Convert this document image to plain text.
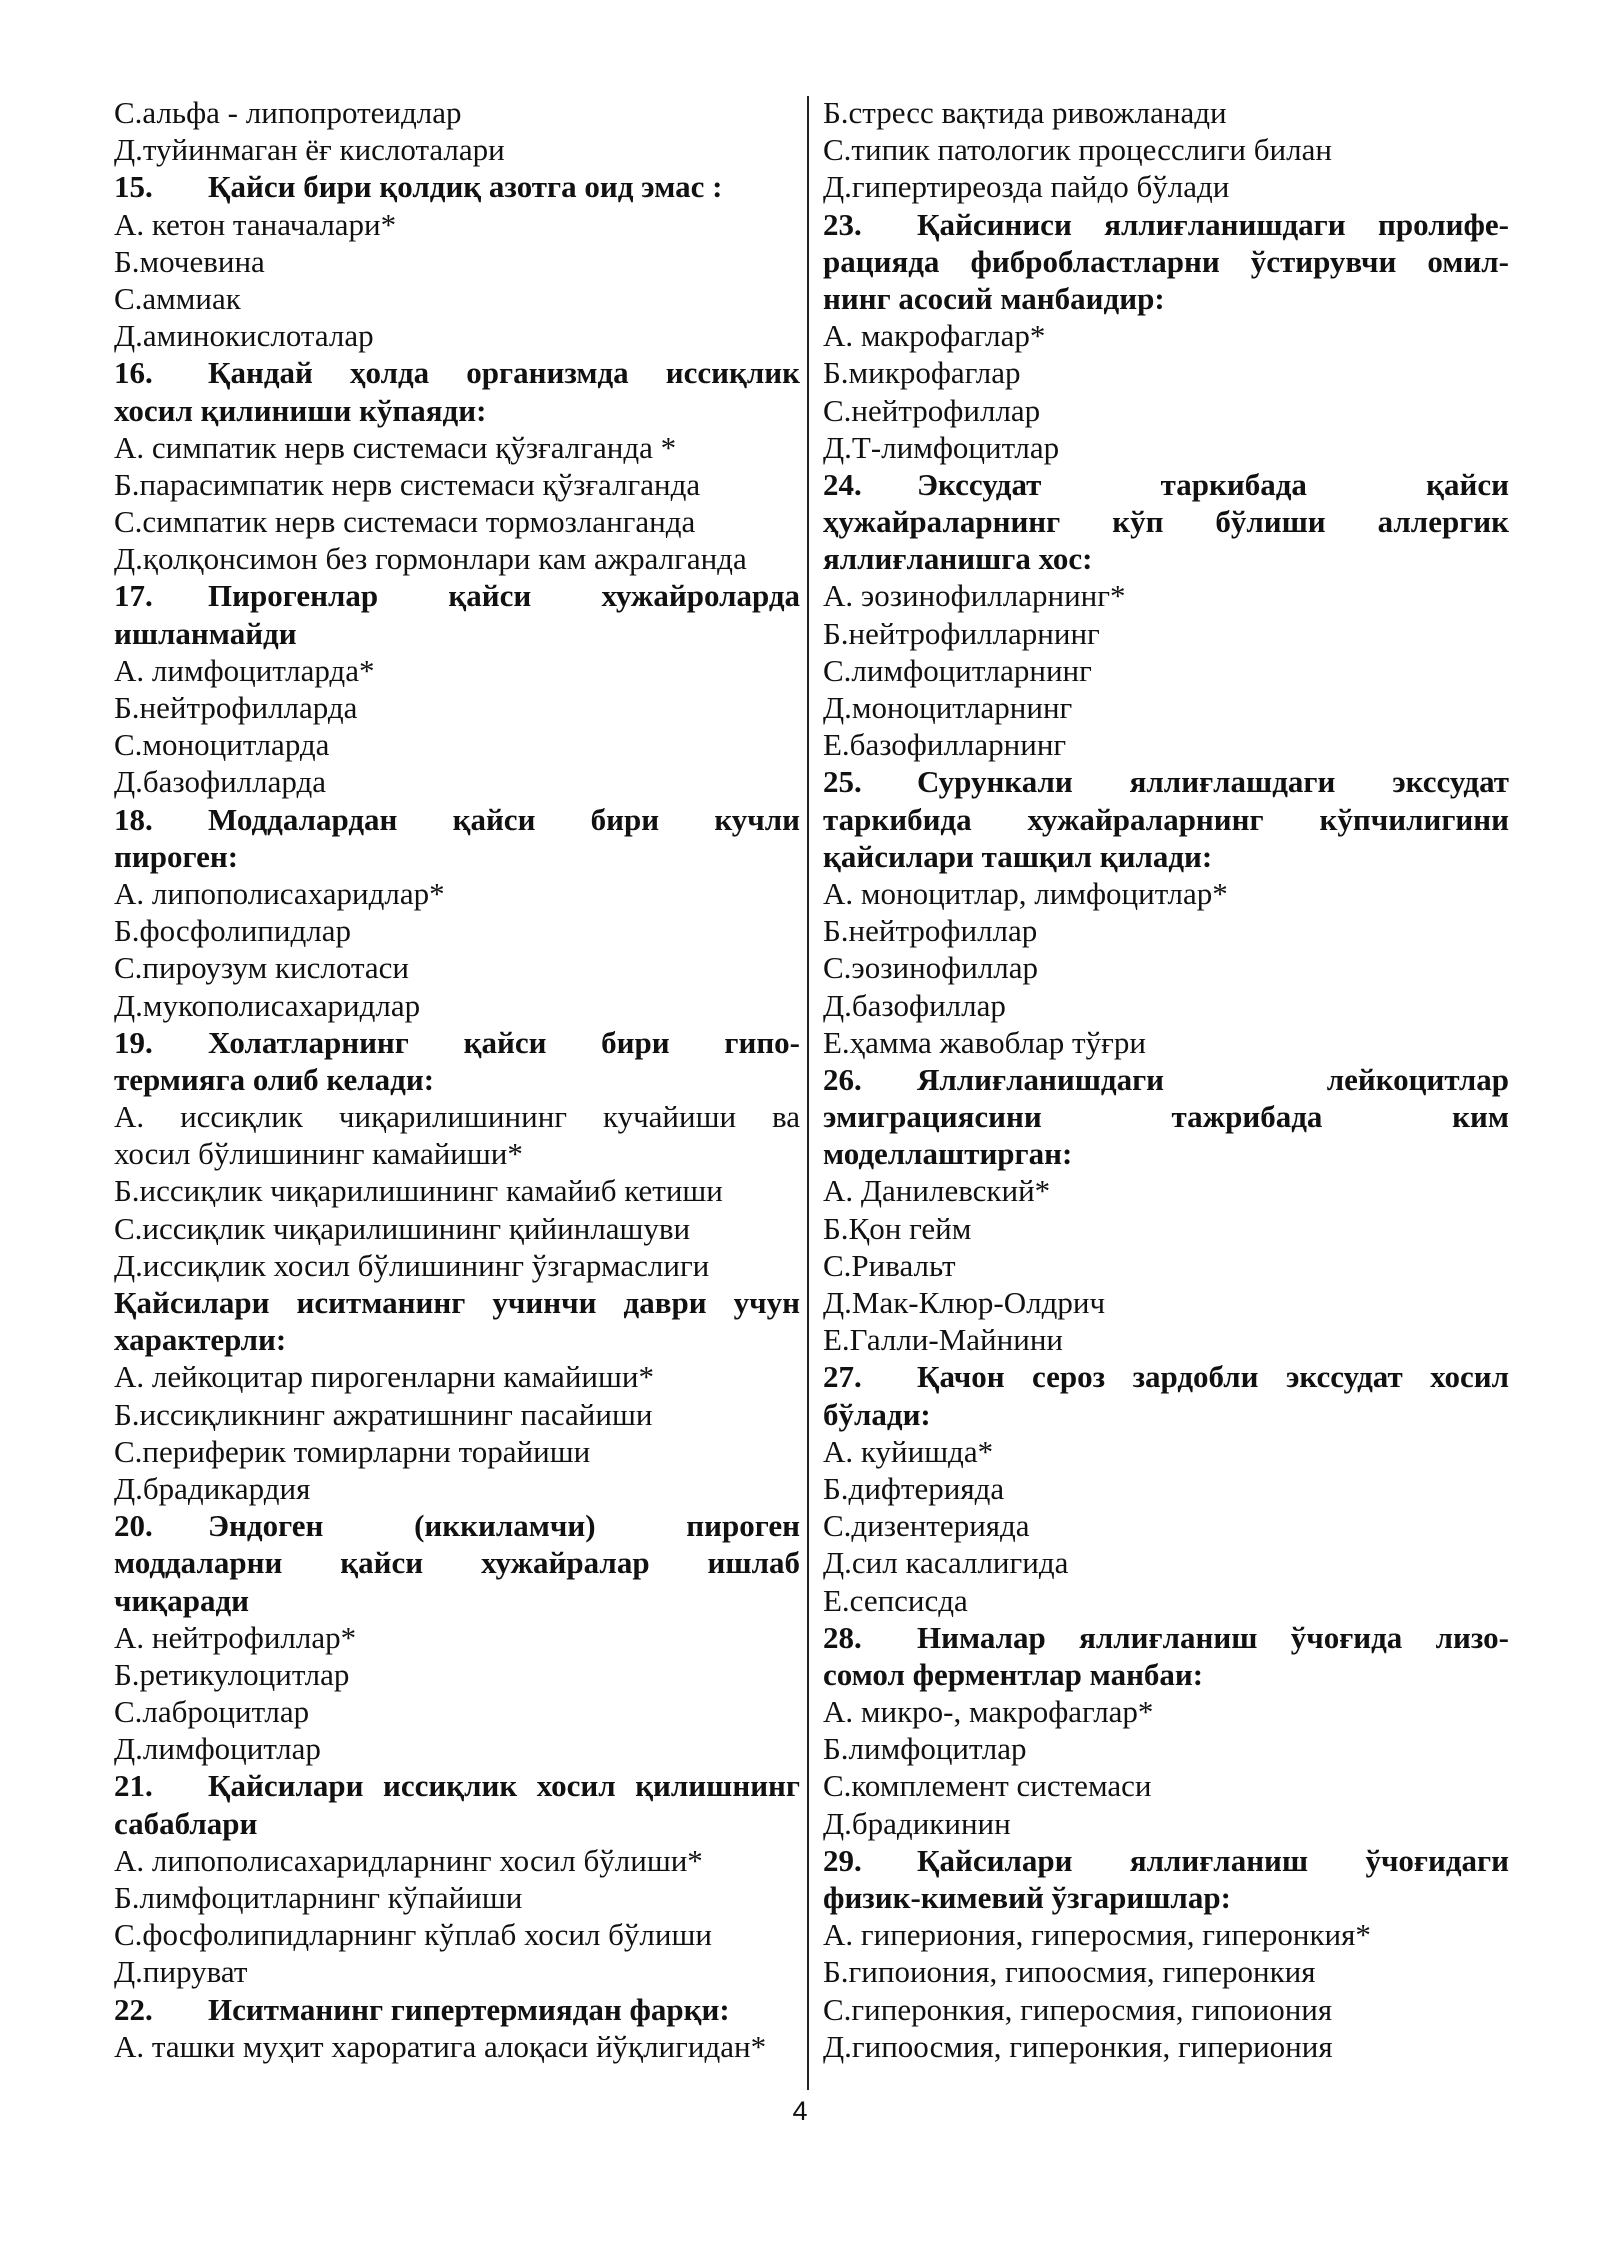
С.альфа - липопротеидлар
Д.туйинмаган ёғ кислоталари
15. Қайси бири қолдиқ азотга оид эмас :
А. кетон таначалари*
Б.мочевина
С.аммиак
Д.аминокислоталар
16. Қандай ҳолда организмда иссиқлик
хосил қилиниши кўпаяди:
А. симпатик нерв системаси қўзғалганда *
Б.парасимпатик нерв системаси қўзғалганда
С.симпатик нерв системаси тормозланганда
Д.қолқонсимон без гормонлари кам ажралганда
17. Пирогенлар қайси хужайроларда
ишланмайди
А. лимфоцитларда*
Б.нейтрофилларда
С.моноцитларда
Д.базофилларда
18. Моддалардан қайси бири кучли
пироген:
А. липополисахаридлар*
Б.фосфолипидлар
С.пироузум кислотаси
Д.мукополисахаридлар
19. Холатларнинг қайси бири гипо-
термияга олиб келади:
А. иссиқлик чиқарилишининг кучайиши ва
хосил бўлишининг камайиши*
Б.иссиқлик чиқарилишининг камайиб кетиши
С.иссиқлик чиқарилишининг қийинлашуви
Д.иссиқлик хосил бўлишининг ўзгармаслиги
Қайсилари иситманинг учинчи даври учун
характерли:
А. лейкоцитар пирогенларни камайиши*
Б.иссиқликнинг ажратишнинг пасайиши
С.периферик томирларни торайиши
Д.брадикардия
20. Эндоген (иккиламчи) пироген
моддаларни қайси хужайралар ишлаб
чиқаради
А. нейтрофиллар*
Б.ретикулоцитлар
С.лаброцитлар
Д.лимфоцитлар
21. Қайсилари иссиқлик хосил қилишнинг
сабаблари
А. липополисахаридларнинг хосил бўлиши*
Б.лимфоцитларнинг кўпайиши
С.фосфолипидларнинг кўплаб хосил бўлиши
Д.пируват
22. Иситманинг гипертермиядан фарқи:
А. ташки муҳит хароратига алоқаси йўқлигидан*
Б.стресс вақтида ривожланади
С.типик патологик процесслиги билан
Д.гипертиреозда пайдо бўлади
23. Қайсиниси яллиғланишдаги пролифе-
рацияда фибробластларни ўстирувчи омил-
нинг асосий манбаидир:
А. макрофаглар*
Б.микрофаглар
С.нейтрофиллар
Д.Т-лимфоцитлар
24. Экссудат таркибада қайси
ҳужайраларнинг кўп бўлиши аллергик
яллиғланишга хос:
А. эозинофилларнинг*
Б.нейтрофилларнинг
С.лимфоцитларнинг
Д.моноцитларнинг
Е.базофилларнинг
25. Сурункали яллиғлашдаги экссудат
таркибида хужайраларнинг кўпчилигини
қайсилари ташқил қилади:
А. моноцитлар, лимфоцитлар*
Б.нейтрофиллар
С.эозинофиллар
Д.базофиллар
Е.ҳамма жавоблар тўғри
26. Яллиғланишдаги лейкоцитлар
эмиграциясини тажрибада ким
моделлаштирган:
А. Данилевский*
Б.Қон гейм
С.Ривальт
Д.Мак-Клюр-Олдрич
Е.Галли-Майнини
27. Қачон сероз зардобли экссудат хосил
бўлади:
А. куйишда*
Б.дифтерияда
С.дизентерияда
Д.сил касаллигида
Е.сепсисда
28. Нималар яллиғланиш ўчоғида лизо-
сомол ферментлар манбаи:
А. микро-, макрофаглар*
Б.лимфоцитлар
С.комплемент системаси
Д.брадикинин
29. Қайсилари яллиғланиш ўчоғидаги
физик-кимевий ўзгаришлар:
А. гипериония, гиперосмия, гиперонкия*
Б.гипоиония, гипоосмия, гиперонкия
С.гиперонкия, гиперосмия, гипоиония
Д.гипоосмия, гиперонкия, гипериония
4
